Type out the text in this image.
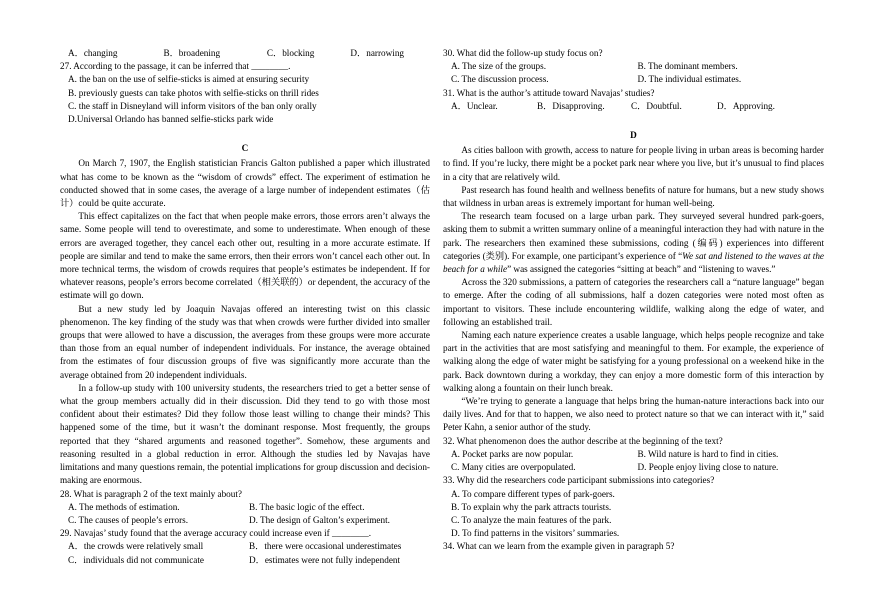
A．changing	B．broadening	C．blocking	D．narrowing

27. According to the passage, it can be inferred that ________.

A. the ban on the use of selfie-sticks is aimed at ensuring security

B. previously guests can take photos with selfie-sticks on thrill rides

C. the staff in Disneyland will inform visitors of the ban only orally

D.Universal Orlando has banned selfie-sticks park wide

C

On March 7, 1907, the English statistician Francis Galton published a paper which illustrated what has come to be known as the “wisdom of crowds” effect. The experiment of estimation he conducted showed that in some cases, the average of a large number of independent estimates（估计）could be quite accurate.

This effect capitalizes on the fact that when people make errors, those errors aren’t always the same. Some people will tend to overestimate, and some to underestimate. When enough of these errors are averaged together, they cancel each other out, resulting in a more accurate estimate. If people are similar and tend to make the same errors, then their errors won’t cancel each other out. In more technical terms, the wisdom of crowds requires that people’s estimates be independent. If for whatever reasons, people’s errors become correlated（相关联的）or dependent, the accuracy of the estimate will go down.

But a new study led by Joaquin Navajas offered an interesting twist on this classic phenomenon. The key finding of the study was that when crowds were further divided into smaller groups that were allowed to have a discussion, the averages from these groups were more accurate than those from an equal number of independent individuals. For instance, the average obtained from the estimates of four discussion groups of five was significantly more accurate than the average obtained from 20 independent individuals.

In a follow-up study with 100 university students, the researchers tried to get a better sense of what the group members actually did in their discussion. Did they tend to go with those most confident about their estimates? Did they follow those least willing to change their minds? This happened some of the time, but it wasn’t the dominant response. Most frequently, the groups reported that they “shared arguments and reasoned together”. Somehow, these arguments and reasoning resulted in a global reduction in error. Although the studies led by Navajas have limitations and many questions remain, the potential implications for group discussion and decision-making are enormous.

28. What is paragraph 2 of the text mainly about?

A. The methods of estimation.	B. The basic logic of the effect.
C. The causes of people’s errors.	D. The design of Galton’s experiment.

29. Navajas’ study found that the average accuracy could increase even if ________.

A．the crowds were relatively small	B．there were occasional underestimates
C．individuals did not communicate	D．estimates were not fully independent

30. What did the follow-up study focus on?

A. The size of the groups.	B. The dominant members.
C. The discussion process.	D. The individual estimates.

31. What is the author’s attitude toward Navajas’ studies?

A．Unclear.	B．Disapproving.	C．Doubtful.	D．Approving.

D

As cities balloon with growth, access to nature for people living in urban areas is becoming harder to find. If you’re lucky, there might be a pocket park near where you live, but it’s unusual to find places in a city that are relatively wild.

Past research has found health and wellness benefits of nature for humans, but a new study shows that wildness in urban areas is extremely important for human well-being.

The research team focused on a large urban park. They surveyed several hundred park-goers, asking them to submit a written summary online of a meaningful interaction they had with nature in the park. The researchers then examined these submissions, coding (编码) experiences into different categories (类别). For example, one participant’s experience of “We sat and listened to the waves at the beach for a while” was assigned the categories “sitting at beach” and “listening to waves.”

Across the 320 submissions, a pattern of categories the researchers call a “nature language” began to emerge. After the coding of all submissions, half a dozen categories were noted most often as important to visitors. These include encountering wildlife, walking along the edge of water, and following an established trail.

Naming each nature experience creates a usable language, which helps people recognize and take part in the activities that are most satisfying and meaningful to them. For example, the experience of walking along the edge of water might be satisfying for a young professional on a weekend hike in the park. Back downtown during a workday, they can enjoy a more domestic form of this interaction by walking along a fountain on their lunch break.

“We’re trying to generate a language that helps bring the human-nature interactions back into our daily lives. And for that to happen, we also need to protect nature so that we can interact with it,” said Peter Kahn, a senior author of the study.

32. What phenomenon does the author describe at the beginning of the text?

A. Pocket parks are now popular.	B. Wild nature is hard to find in cities.
C. Many cities are overpopulated.	D. People enjoy living close to nature.

33. Why did the researchers code participant submissions into categories?

A. To compare different types of park-goers.

B. To explain why the park attracts tourists.

C. To analyze the main features of the park.

D. To find patterns in the visitors’ summaries.

34. What can we learn from the example given in paragraph 5?
